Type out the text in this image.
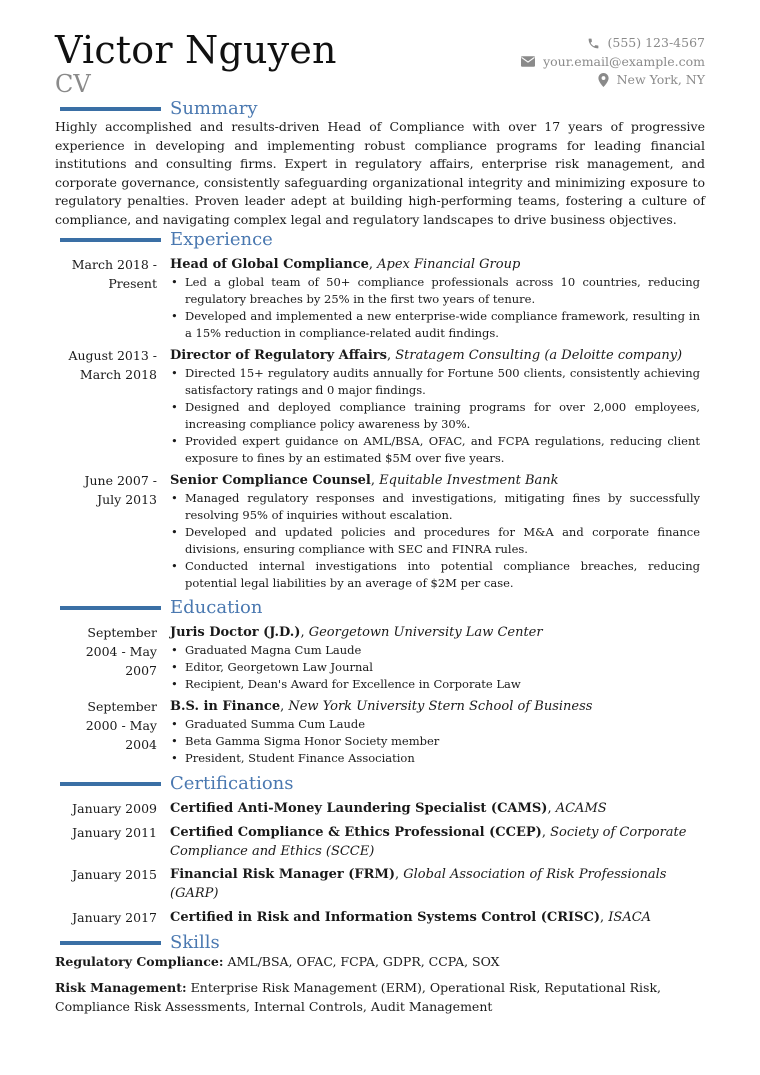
Victor Nguyen
CV
(555) 123-4567
your.email@example.com
New York, NY
Summary

Highly accomplished and results-driven Head of Compliance with over 17 years of progressive experience in developing and implementing robust compliance programs for leading financial institutions and consulting firms. Expert in regulatory affairs, enterprise risk management, and corporate governance, consistently safeguarding organizational integrity and minimizing exposure to regulatory penalties. Proven leader adept at building high-performing teams, fostering a culture of compliance, and navigating complex legal and regulatory landscapes to drive business objectives.

Experience
March 2018 -
Present
Head of Global Compliance, Apex Financial Group
• Led a global team of 50+ compliance professionals across 10 countries, reducing regulatory breaches by 25% in the first two years of tenure.
• Developed and implemented a new enterprise-wide compliance framework, resulting in a 15% reduction in compliance-related audit findings.
August 2013 -
March 2018
Director of Regulatory Affairs, Stratagem Consulting (a Deloitte company)
• Directed 15+ regulatory audits annually for Fortune 500 clients, consistently achieving satisfactory ratings and 0 major findings.
• Designed and deployed compliance training programs for over 2,000 employees, increasing compliance policy awareness by 30%.
• Provided expert guidance on AML/BSA, OFAC, and FCPA regulations, reducing client exposure to fines by an estimated $5M over five years.
June 2007 -
July 2013
Senior Compliance Counsel, Equitable Investment Bank
• Managed regulatory responses and investigations, mitigating fines by successfully resolving 95% of inquiries without escalation.
• Developed and updated policies and procedures for M&A and corporate finance divisions, ensuring compliance with SEC and FINRA rules.
• Conducted internal investigations into potential compliance breaches, reducing potential legal liabilities by an average of $2M per case.
Education
September
2004 - May
2007
Juris Doctor (J.D.), Georgetown University Law Center
• Graduated Magna Cum Laude
• Editor, Georgetown Law Journal
• Recipient, Dean's Award for Excellence in Corporate Law
September
2000 - May
2004
B.S. in Finance, New York University Stern School of Business
• Graduated Summa Cum Laude
• Beta Gamma Sigma Honor Society member
• President, Student Finance Association
Certifications
January 2009 Certified Anti-Money Laundering Specialist (CAMS), ACAMS
January 2011 Certified Compliance & Ethics Professional (CCEP), Society of Corporate Compliance and Ethics (SCCE)
January 2015 Financial Risk Manager (FRM), Global Association of Risk Professionals (GARP)
January 2017 Certified in Risk and Information Systems Control (CRISC), ISACA
Skills

Regulatory Compliance: AML/BSA, OFAC, FCPA, GDPR, CCPA, SOX

Risk Management: Enterprise Risk Management (ERM), Operational Risk, Reputational Risk, Compliance Risk Assessments, Internal Controls, Audit Management
